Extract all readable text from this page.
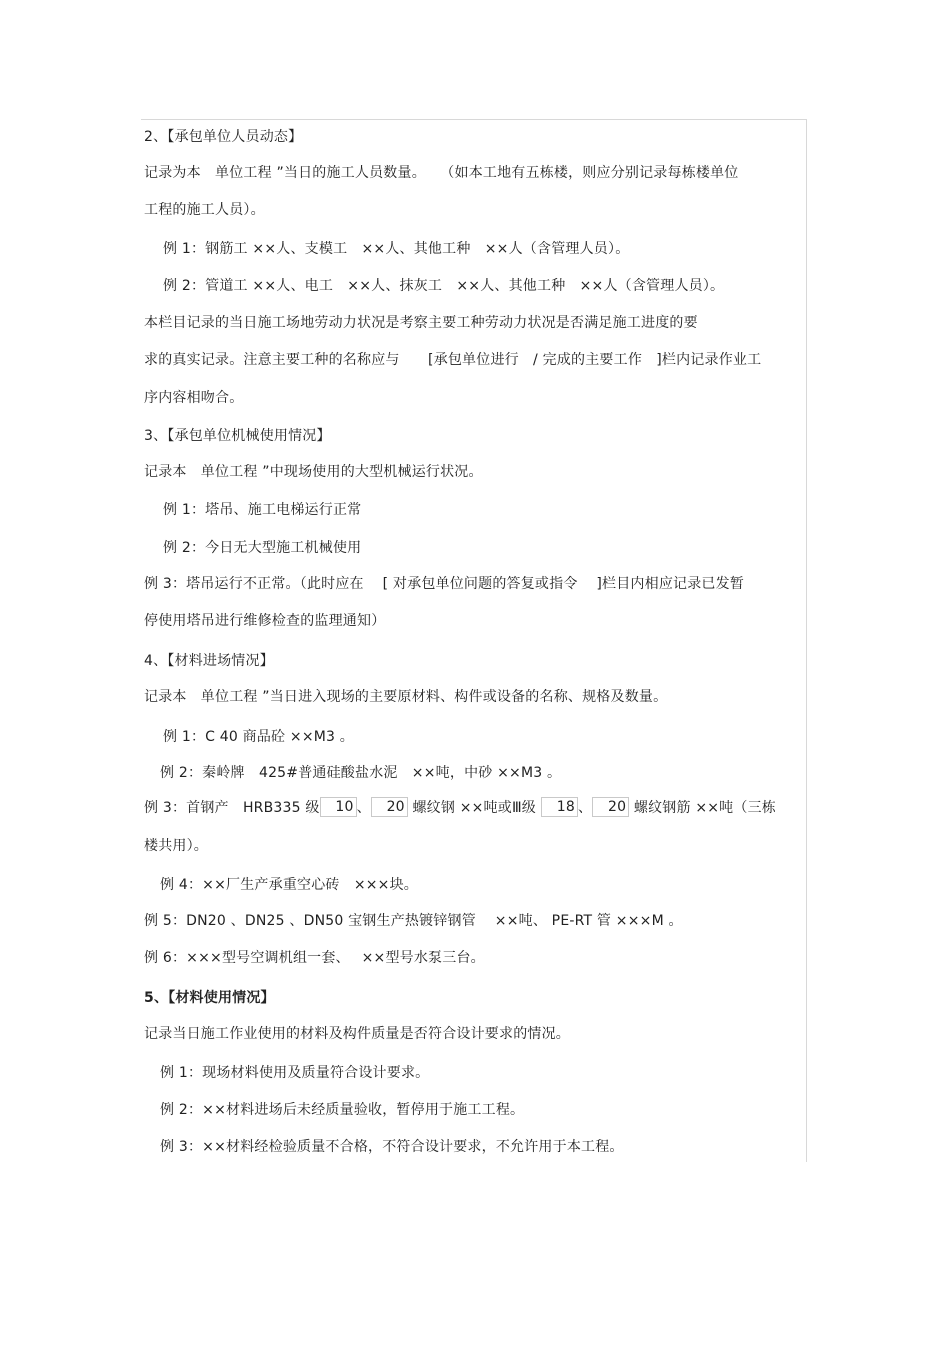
2、【承包单位人员动态】
记录为本　单位工程 ”当日的施工人员数量。　　（如本工地有五栋楼，则应分别记录每栋楼单位
工程的施工人员）。
例 1：钢筋工 ××人、支模工　××人、其他工种　××人（含管理人员）。
例 2：管道工 ××人、电工　××人、抹灰工　××人、其他工种　××人（含管理人员）。
本栏目记录的当日施工场地劳动力状况是考察主要工种劳动力状况是否满足施工进度的要
求的真实记录。注意主要工种的名称应与　　[承包单位进行　/ 完成的主要工作　]栏内记录作业工
序内容相吻合。
3、【承包单位机械使用情况】
记录本　单位工程 ”中现场使用的大型机械运行状况。
例 1：塔吊、施工电梯运行正常
例 2：今日无大型施工机械使用
例 3：塔吊运行不正常。（此时应在　 [ 对承包单位问题的答复或指令　 ]栏目内相应记录已发暂
停使用塔吊进行维修检查的监理通知）
4、【材料进场情况】
记录本　单位工程 ”当日进入现场的主要原材料、构件或设备的名称、规格及数量。
例 1：C 40 商品砼 ××M3 。
例 2：秦岭牌　425#普通硅酸盐水泥　××吨，中砂 ××M3 。
例 3：首钢产　HRB335 级 10 、 20 螺纹钢 ××吨或Ⅲ级 18 、 20 螺纹钢筋 ××吨（三栋
楼共用）。
例 4：××厂生产承重空心砖　×××块。
例 5：DN20 、DN25 、DN50 宝钢生产热镀锌钢管　 ××吨、 PE-RT 管 ×××M 。
例 6：×××型号空调机组一套、　 ××型号水泵三台。
5、【材料使用情况】
记录当日施工作业使用的材料及构件质量是否符合设计要求的情况。
例 1：现场材料使用及质量符合设计要求。
例 2：××材料进场后未经质量验收，暂停用于施工工程。
例 3：××材料经检验质量不合格，不符合设计要求，不允许用于本工程。
